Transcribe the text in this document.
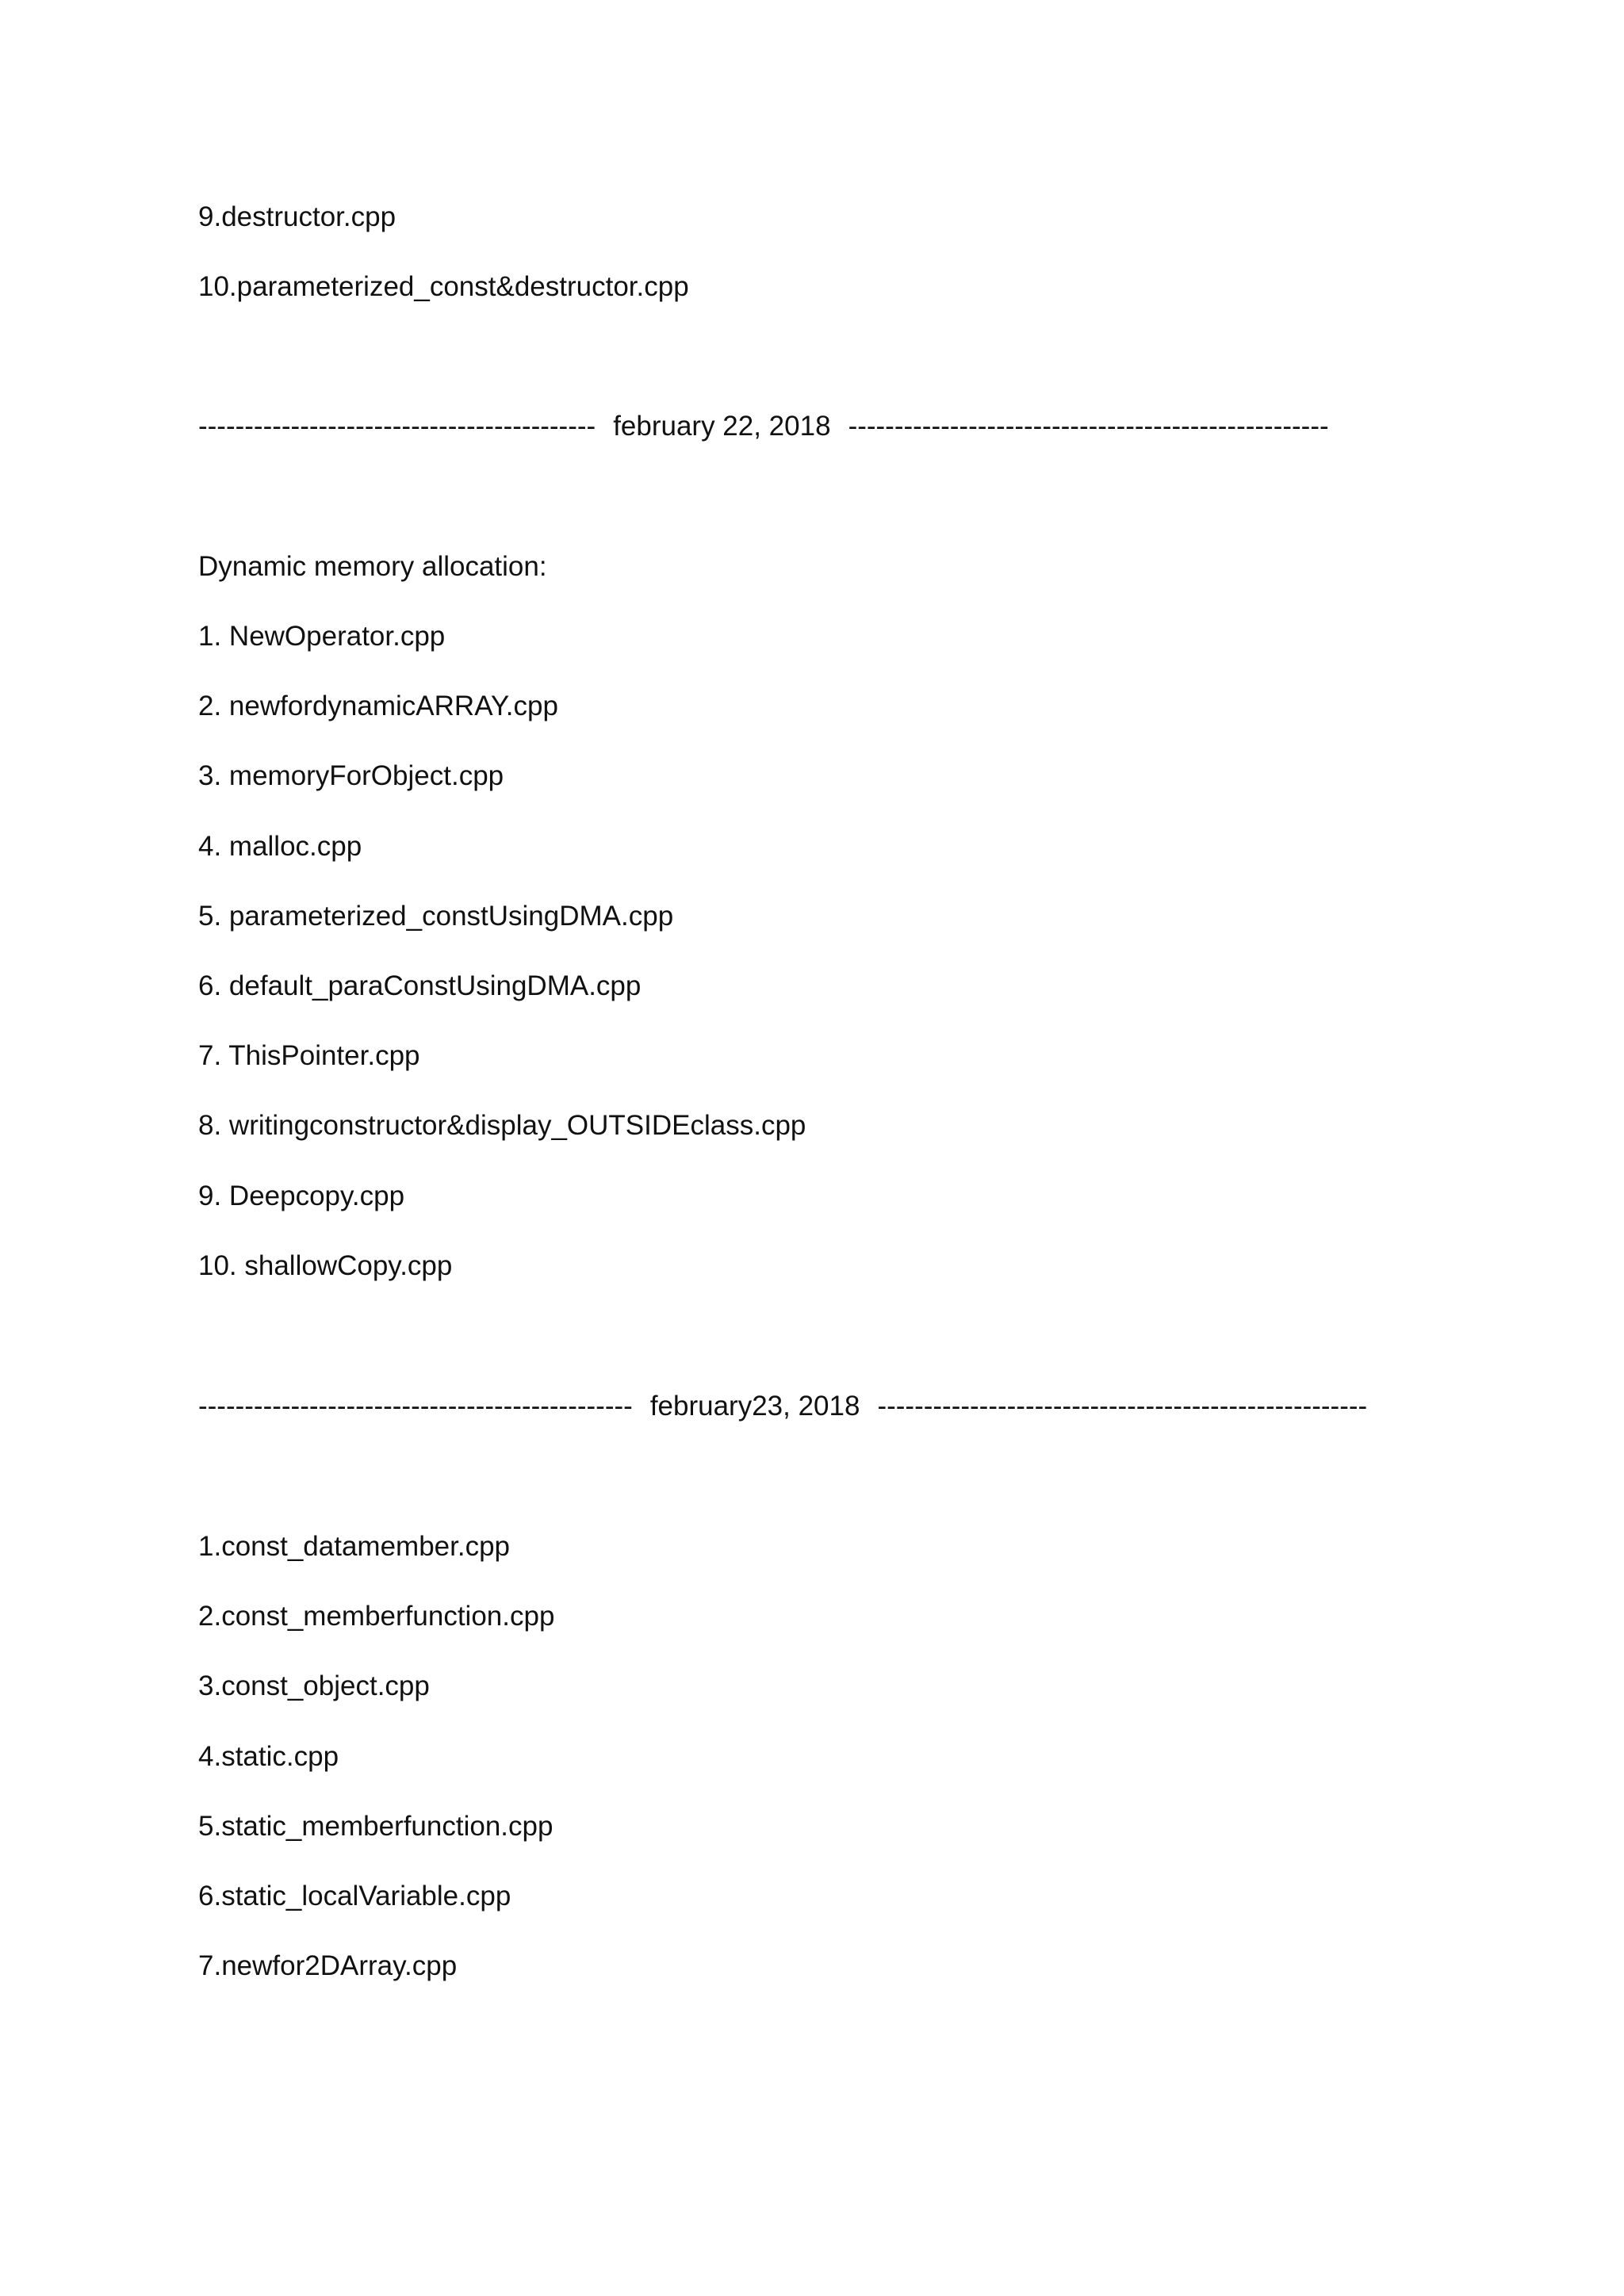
9.destructor.cpp
10.parameterized_const&destructor.cpp
------------------------------------------- february 22, 2018 ----------------------------------------------------
Dynamic memory allocation:
1. NewOperator.cpp
2. newfordynamicARRAY.cpp
3. memoryForObject.cpp
4. malloc.cpp
5. parameterized_constUsingDMA.cpp
6. default_paraConstUsingDMA.cpp
7. ThisPointer.cpp
8. writingconstructor&display_OUTSIDEclass.cpp
9. Deepcopy.cpp
10. shallowCopy.cpp
----------------------------------------------- february23, 2018 -----------------------------------------------------
1.const_datamember.cpp
2.const_memberfunction.cpp
3.const_object.cpp
4.static.cpp
5.static_memberfunction.cpp
6.static_localVariable.cpp
7.newfor2DArray.cpp
